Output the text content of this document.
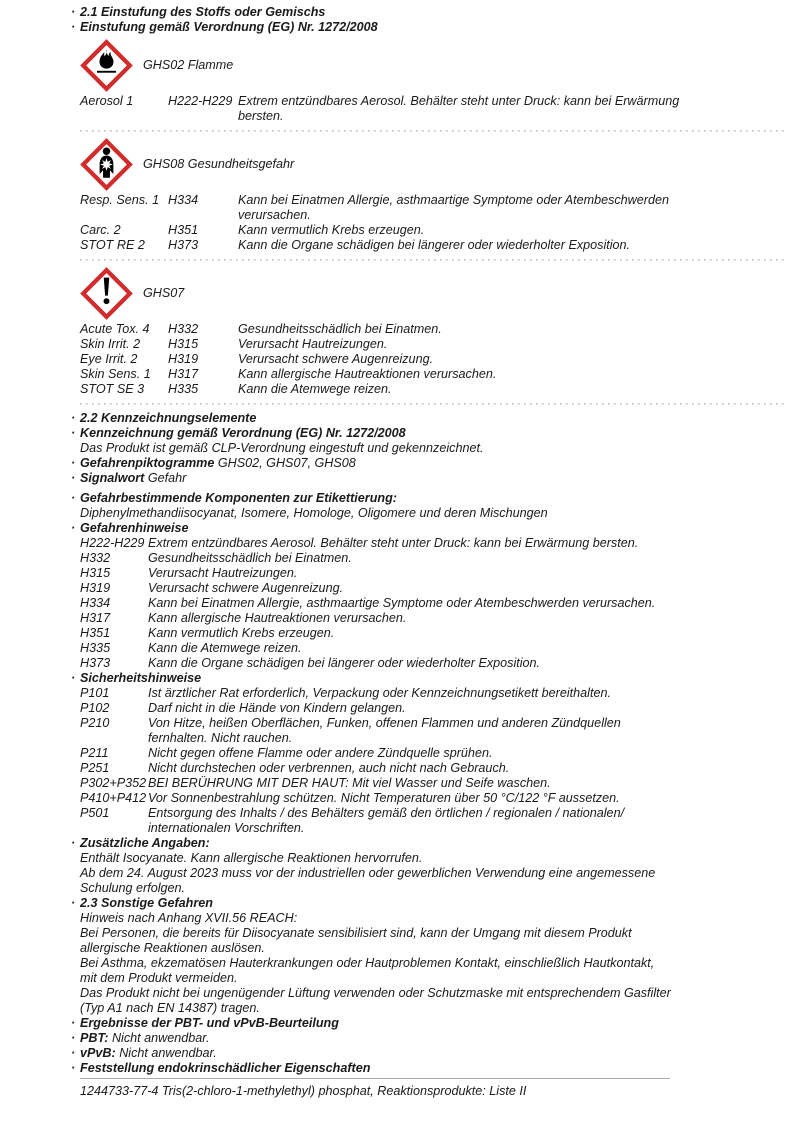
· 2.1 Einstufung des Stoffs oder Gemischs
· Einstufung gemäß Verordnung (EG) Nr. 1272/2008
GHS02 Flamme
Aerosol 1	H222-H229 Extrem entzündbares Aerosol. Behälter steht unter Druck: kann bei Erwärmung bersten.
GHS08 Gesundheitsgefahr
Resp. Sens. 1 H334	Kann bei Einatmen Allergie, asthmaartige Symptome oder Atembeschwerden verursachen.
Carc. 2	H351	Kann vermutlich Krebs erzeugen.
STOT RE 2	H373	Kann die Organe schädigen bei längerer oder wiederholter Exposition.
GHS07
Acute Tox. 4	H332	Gesundheitsschädlich bei Einatmen.
Skin Irrit. 2	H315	Verursacht Hautreizungen.
Eye Irrit. 2	H319	Verursacht schwere Augenreizung.
Skin Sens. 1	H317	Kann allergische Hautreaktionen verursachen.
STOT SE 3	H335	Kann die Atemwege reizen.
· 2.2 Kennzeichnungselemente
· Kennzeichnung gemäß Verordnung (EG) Nr. 1272/2008
Das Produkt ist gemäß CLP-Verordnung eingestuft und gekennzeichnet.
· Gefahrenpiktogramme GHS02, GHS07, GHS08
· Signalwort Gefahr
· Gefahrbestimmende Komponenten zur Etikettierung:
Diphenylmethandiisocyanat, Isomere, Homologe, Oligomere und deren Mischungen
· Gefahrenhinweise
H222-H229 Extrem entzündbares Aerosol. Behälter steht unter Druck: kann bei Erwärmung bersten.
H332	Gesundheitsschädlich bei Einatmen.
H315	Verursacht Hautreizungen.
H319	Verursacht schwere Augenreizung.
H334	Kann bei Einatmen Allergie, asthmaartige Symptome oder Atembeschwerden verursachen.
H317	Kann allergische Hautreaktionen verursachen.
H351	Kann vermutlich Krebs erzeugen.
H335	Kann die Atemwege reizen.
H373	Kann die Organe schädigen bei längerer oder wiederholter Exposition.
· Sicherheitshinweise
P101	Ist ärztlicher Rat erforderlich, Verpackung oder Kennzeichnungsetikett bereithalten.
P102	Darf nicht in die Hände von Kindern gelangen.
P210	Von Hitze, heißen Oberflächen, Funken, offenen Flammen und anderen Zündquellen fernhalten. Nicht rauchen.
P211	Nicht gegen offene Flamme oder andere Zündquelle sprühen.
P251	Nicht durchstechen oder verbrennen, auch nicht nach Gebrauch.
P302+P352 BEI BERÜHRUNG MIT DER HAUT: Mit viel Wasser und Seife waschen.
P410+P412 Vor Sonnenbestrahlung schützen. Nicht Temperaturen über 50 °C/122 °F aussetzen.
P501	Entsorgung des Inhalts / des Behälters gemäß den örtlichen / regionalen / nationalen/ internationalen Vorschriften.
· Zusätzliche Angaben:
Enthält Isocyanate. Kann allergische Reaktionen hervorrufen.
Ab dem 24. August 2023 muss vor der industriellen oder gewerblichen Verwendung eine angemessene Schulung erfolgen.
· 2.3 Sonstige Gefahren
Hinweis nach Anhang XVII.56 REACH:
Bei Personen, die bereits für Diisocyanate sensibilisiert sind, kann der Umgang mit diesem Produkt allergische Reaktionen auslösen.
Bei Asthma, ekzematösen Hauterkrankungen oder Hautproblemen Kontakt, einschließlich Hautkontakt, mit dem Produkt vermeiden.
Das Produkt nicht bei ungenügender Lüftung verwenden oder Schutzmaske mit entsprechendem Gasfilter (Typ A1 nach EN 14387) tragen.
· Ergebnisse der PBT- und vPvB-Beurteilung
· PBT: Nicht anwendbar.
· vPvB: Nicht anwendbar.
· Feststellung endokrinschädlicher Eigenschaften
1244733-77-4 Tris(2-chloro-1-methylethyl) phosphat, Reaktionsprodukte: Liste II
